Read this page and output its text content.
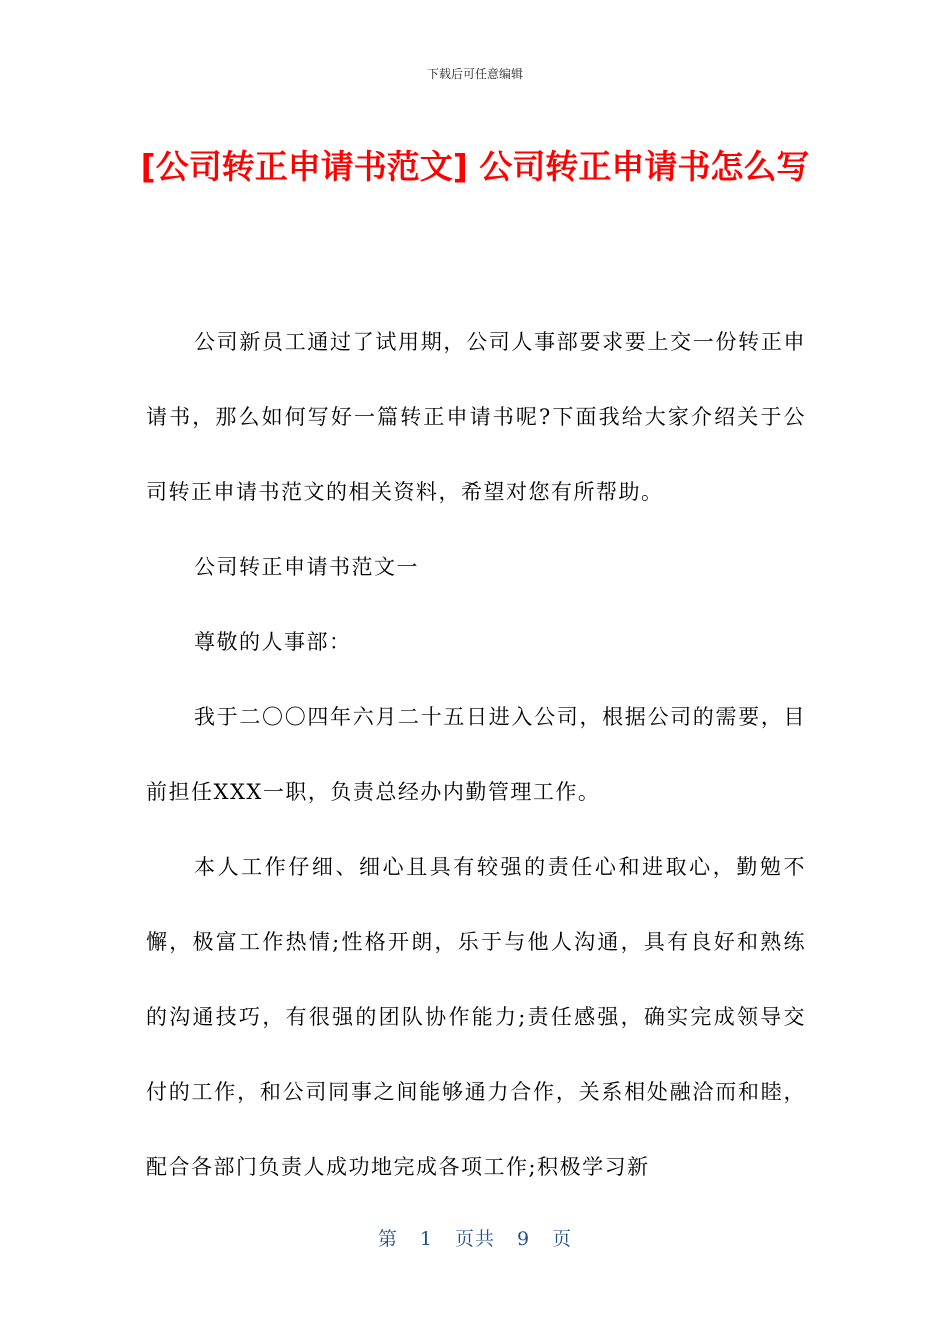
下载后可任意编辑
[公司转正申请书范文] 公司转正申请书怎么写

公司新员工通过了试用期，公司人事部要求要上交一份转正申请书，那么如何写好一篇转正申请书呢?下面我给大家介绍关于公司转正申请书范文的相关资料，希望对您有所帮助。

公司转正申请书范文一

尊敬的人事部：

我于二〇〇四年六月二十五日进入公司，根据公司的需要，目前担任XXX一职，负责总经办内勤管理工作。

本人工作仔细、细心且具有较强的责任心和进取心，勤勉不懈，极富工作热情;性格开朗，乐于与他人沟通，具有良好和熟练的沟通技巧，有很强的团队协作能力;责任感强，确实完成领导交付的工作，和公司同事之间能够通力合作，关系相处融洽而和睦，配合各部门负责人成功地完成各项工作;积极学习新

第 1 页共 9 页
